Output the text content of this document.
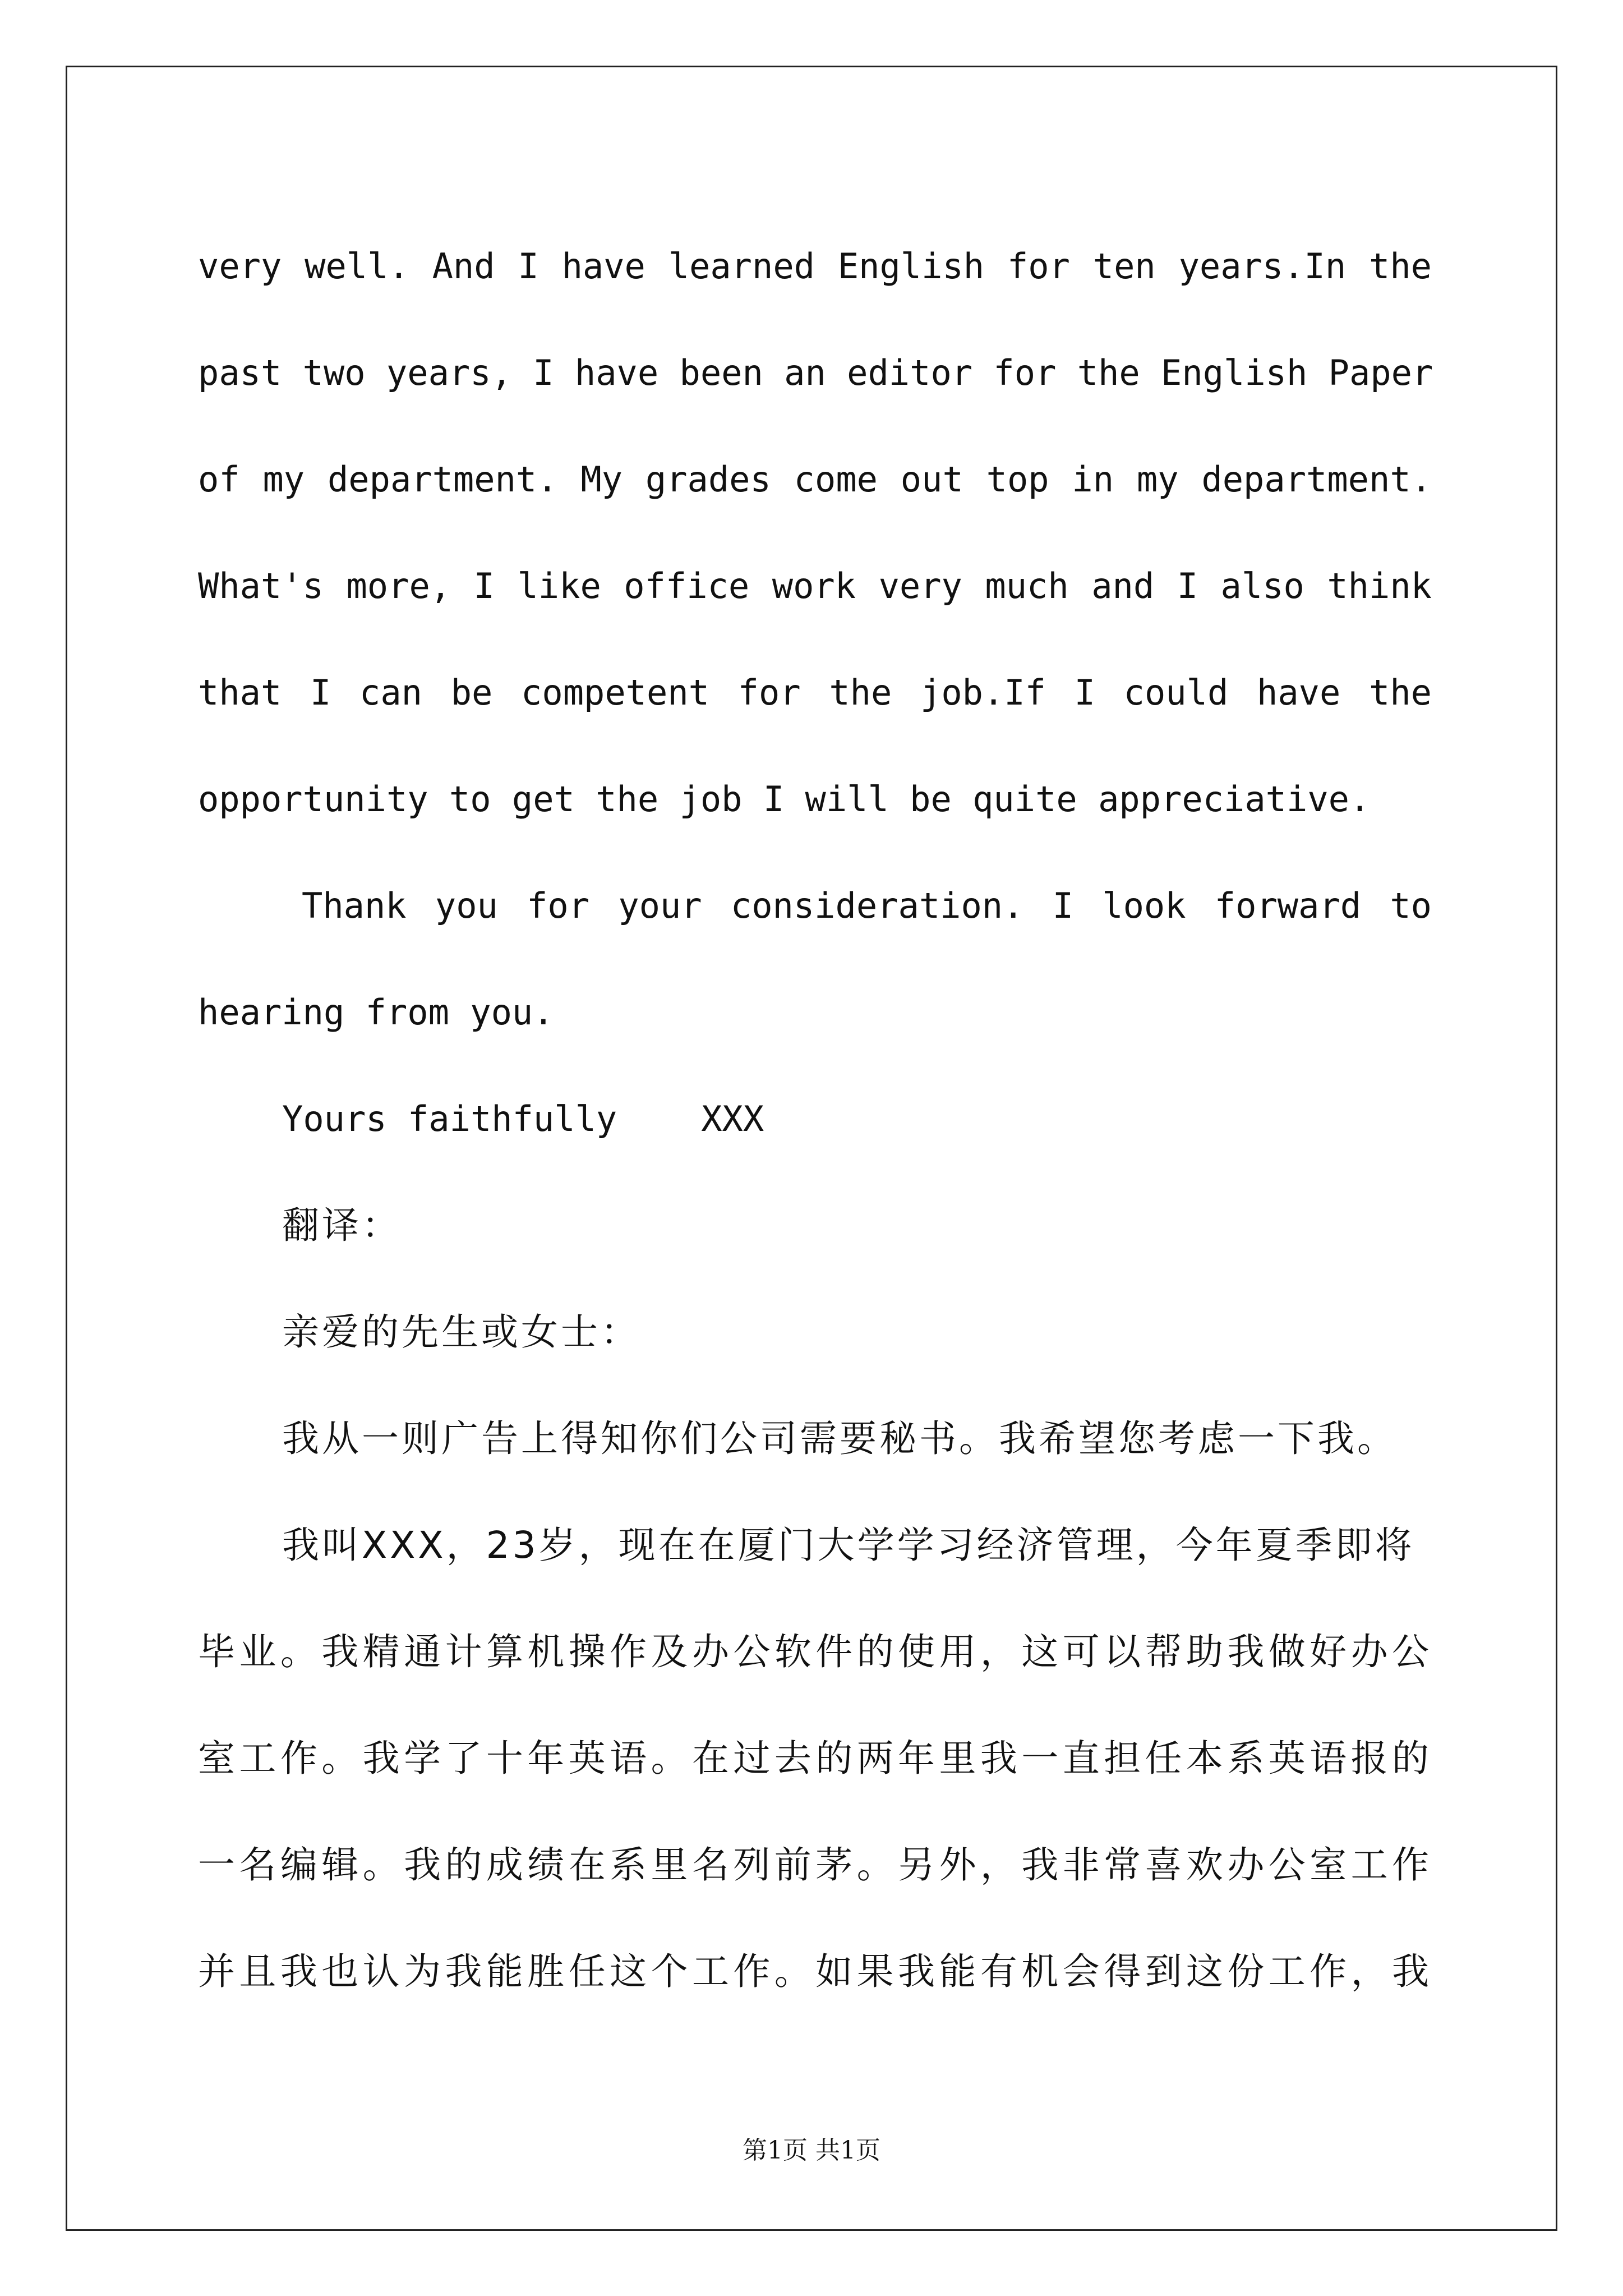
very well. And I have learned English for ten years.In the
past two years, I have been an editor for the English Paper
of my department. My grades come out top in my department.
What's more, I like office work very much and I also think
that I can be competent for the job.If I could have the
opportunity to get the job I will be quite appreciative.
Thank you for your consideration. I look forward to
hearing from you.
Yours faithfully XXX
翻译：
亲爱的先生或女士：
我从一则广告上得知你们公司需要秘书。我希望您考虑一下我。
我叫XXX，23岁，现在在厦门大学学习经济管理，今年夏季即将
毕业。我精通计算机操作及办公软件的使用，这可以帮助我做好办公
室工作。我学了十年英语。在过去的两年里我一直担任本系英语报的
一名编辑。我的成绩在系里名列前茅。另外，我非常喜欢办公室工作
并且我也认为我能胜任这个工作。如果我能有机会得到这份工作，我
第1页 共1页
